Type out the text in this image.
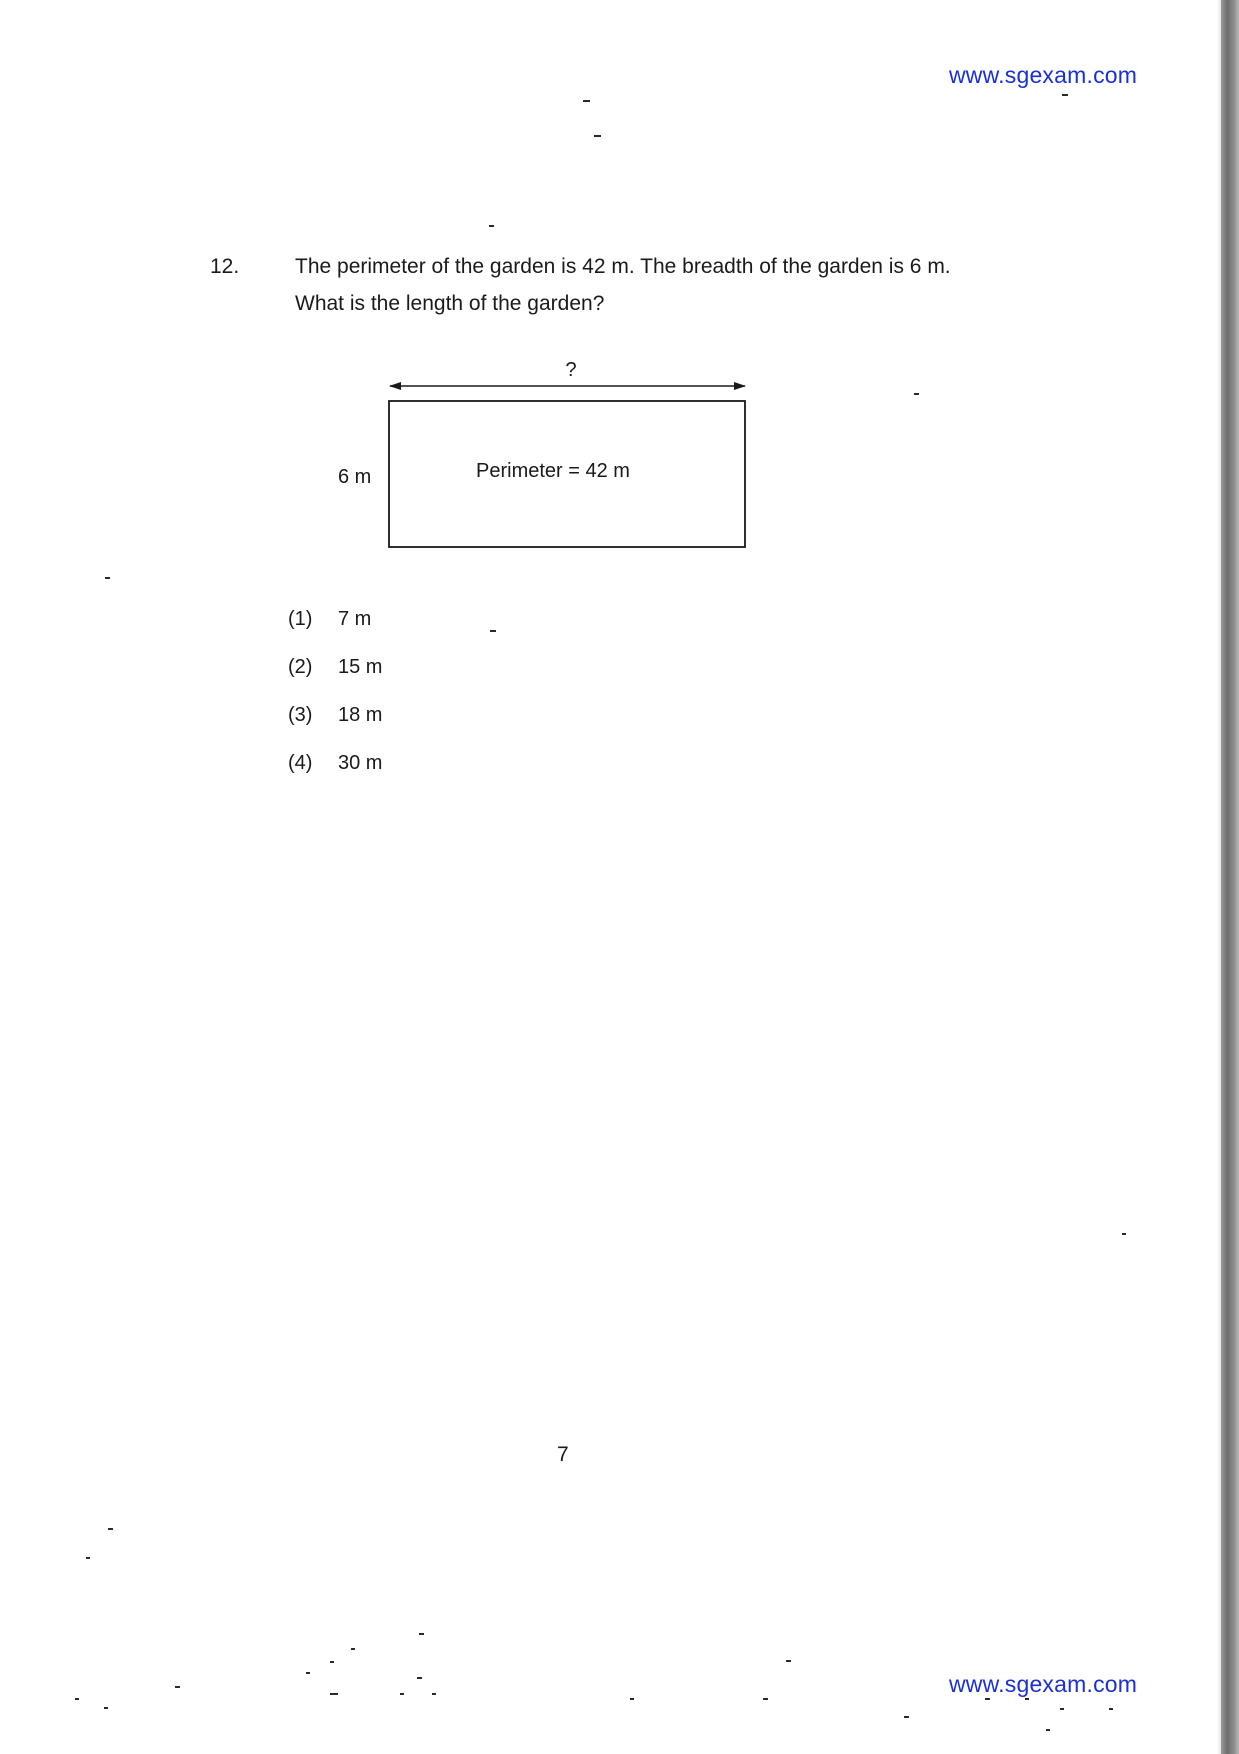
www.sgexam.com
12.	The perimeter of the garden is 42 m. The breadth of the garden is 6 m.
What is the length of the garden?
?
6 m	Perimeter = 42 m
(1) 7 m
(2) 15 m
(3) 18 m
(4) 30 m
7
www.sgexam.com
